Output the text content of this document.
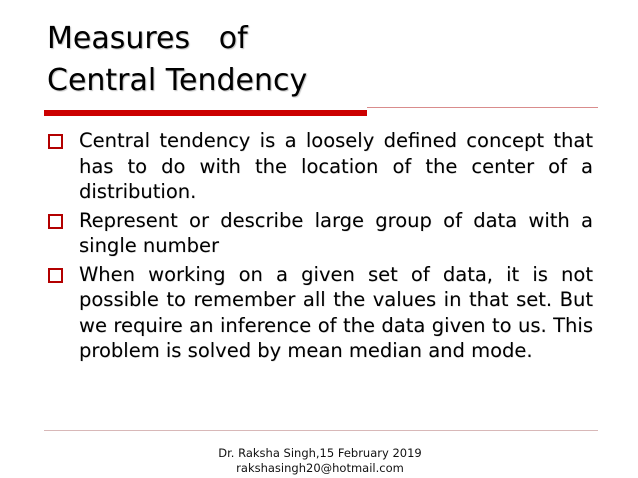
Measures   of
Central Tendency
Central tendency is a loosely defined concept that has to do with the location of the center of a distribution.
Represent or describe large group of data with a single number
When working on a given set of data, it is not possible to remember all the values in that set. But we require an inference of the data given to us. This problem is solved by mean median and mode.
Dr. Raksha Singh,15 February 2019
rakshasingh20@hotmail.com
